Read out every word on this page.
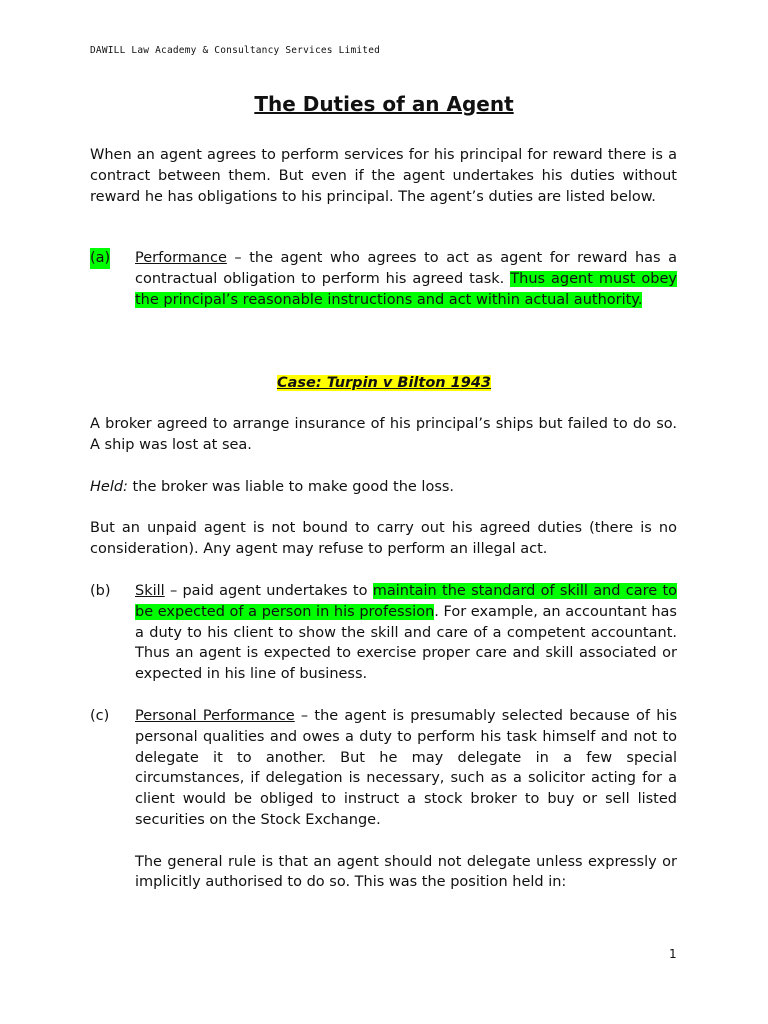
DAWILL Law Academy & Consultancy Services Limited
The Duties of an Agent
When an agent agrees to perform services for his principal for reward there is a contract between them. But even if the agent undertakes his duties without reward he has obligations to his principal. The agent’s duties are listed below.
(a) Performance – the agent who agrees to act as agent for reward has a contractual obligation to perform his agreed task. Thus agent must obey the principal’s reasonable instructions and act within actual authority.
Case: Turpin v Bilton 1943
A broker agreed to arrange insurance of his principal’s ships but failed to do so. A ship was lost at sea.
Held: the broker was liable to make good the loss.
But an unpaid agent is not bound to carry out his agreed duties (there is no consideration). Any agent may refuse to perform an illegal act.
(b) Skill – paid agent undertakes to maintain the standard of skill and care to be expected of a person in his profession. For example, an accountant has a duty to his client to show the skill and care of a competent accountant. Thus an agent is expected to exercise proper care and skill associated or expected in his line of business.
(c) Personal Performance – the agent is presumably selected because of his personal qualities and owes a duty to perform his task himself and not to delegate it to another. But he may delegate in a few special circumstances, if delegation is necessary, such as a solicitor acting for a client would be obliged to instruct a stock broker to buy or sell listed securities on the Stock Exchange.
The general rule is that an agent should not delegate unless expressly or implicitly authorised to do so. This was the position held in:
1
